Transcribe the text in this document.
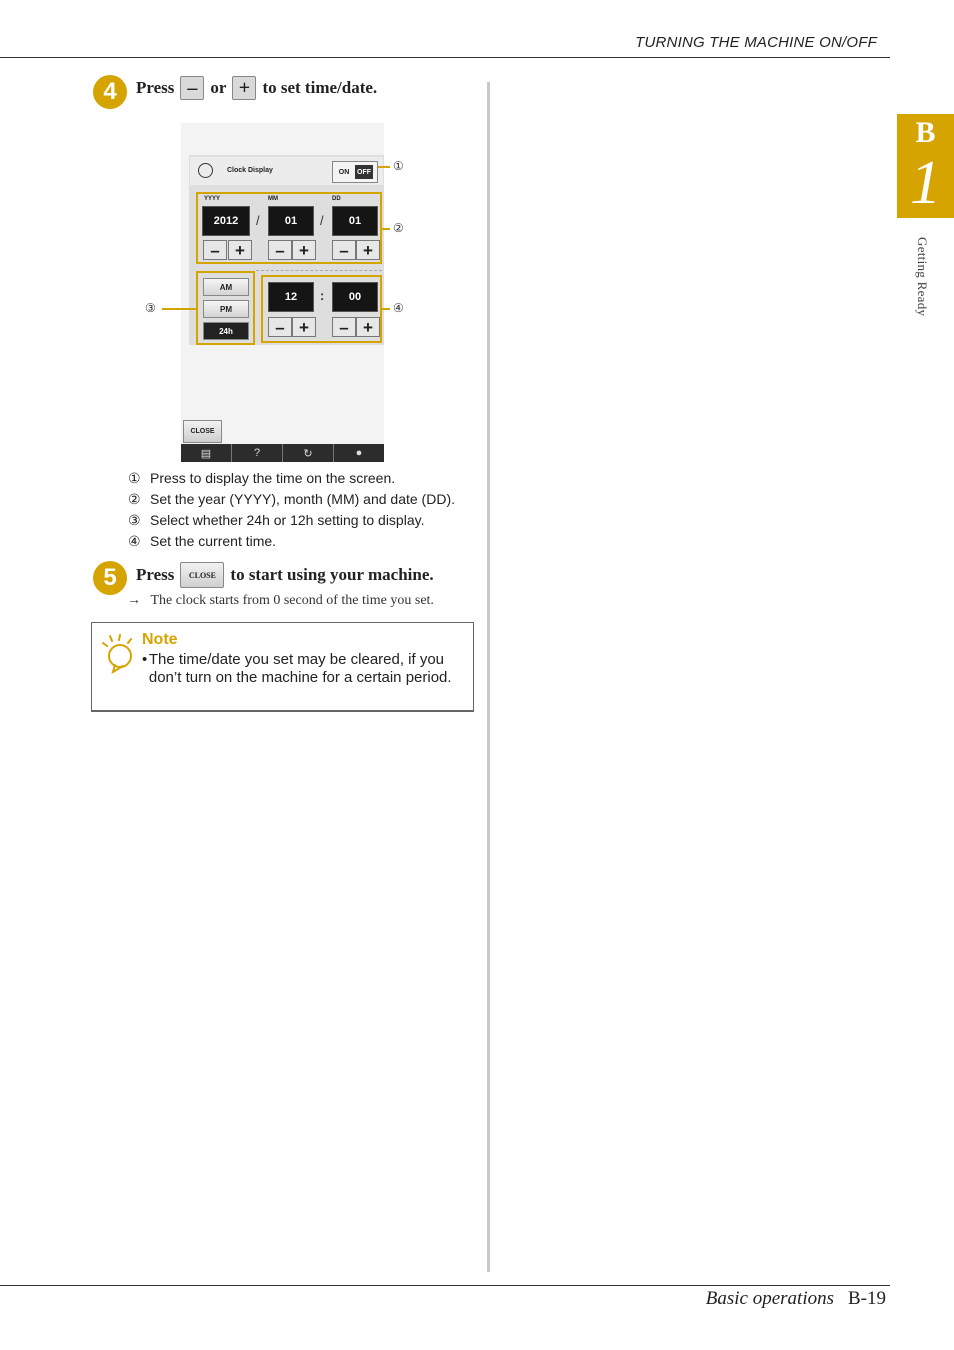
TURNING THE MACHINE ON/OFF
B
1
Getting Ready
4	Press – or + to set time/date.
Clock Display	ON	OFF ①
YYYY	MM	DD
2012	/	01	/	01
– +	– +	– +
②
AM
PM
24h
③
12	:	00
– +	– +
④
CLOSE
▤	?	↻	●
① Press to display the time on the screen.
② Set the year (YYYY), month (MM) and date (DD).
③ Select whether 24h or 12h setting to display.
④ Set the current time.
5	Press	CLOSE to start using your machine.
→ The clock starts from 0 second of the time you set.
Note
• The time/date you set may be cleared, if you don’t turn on the machine for a certain period.
Basic operations B-19
